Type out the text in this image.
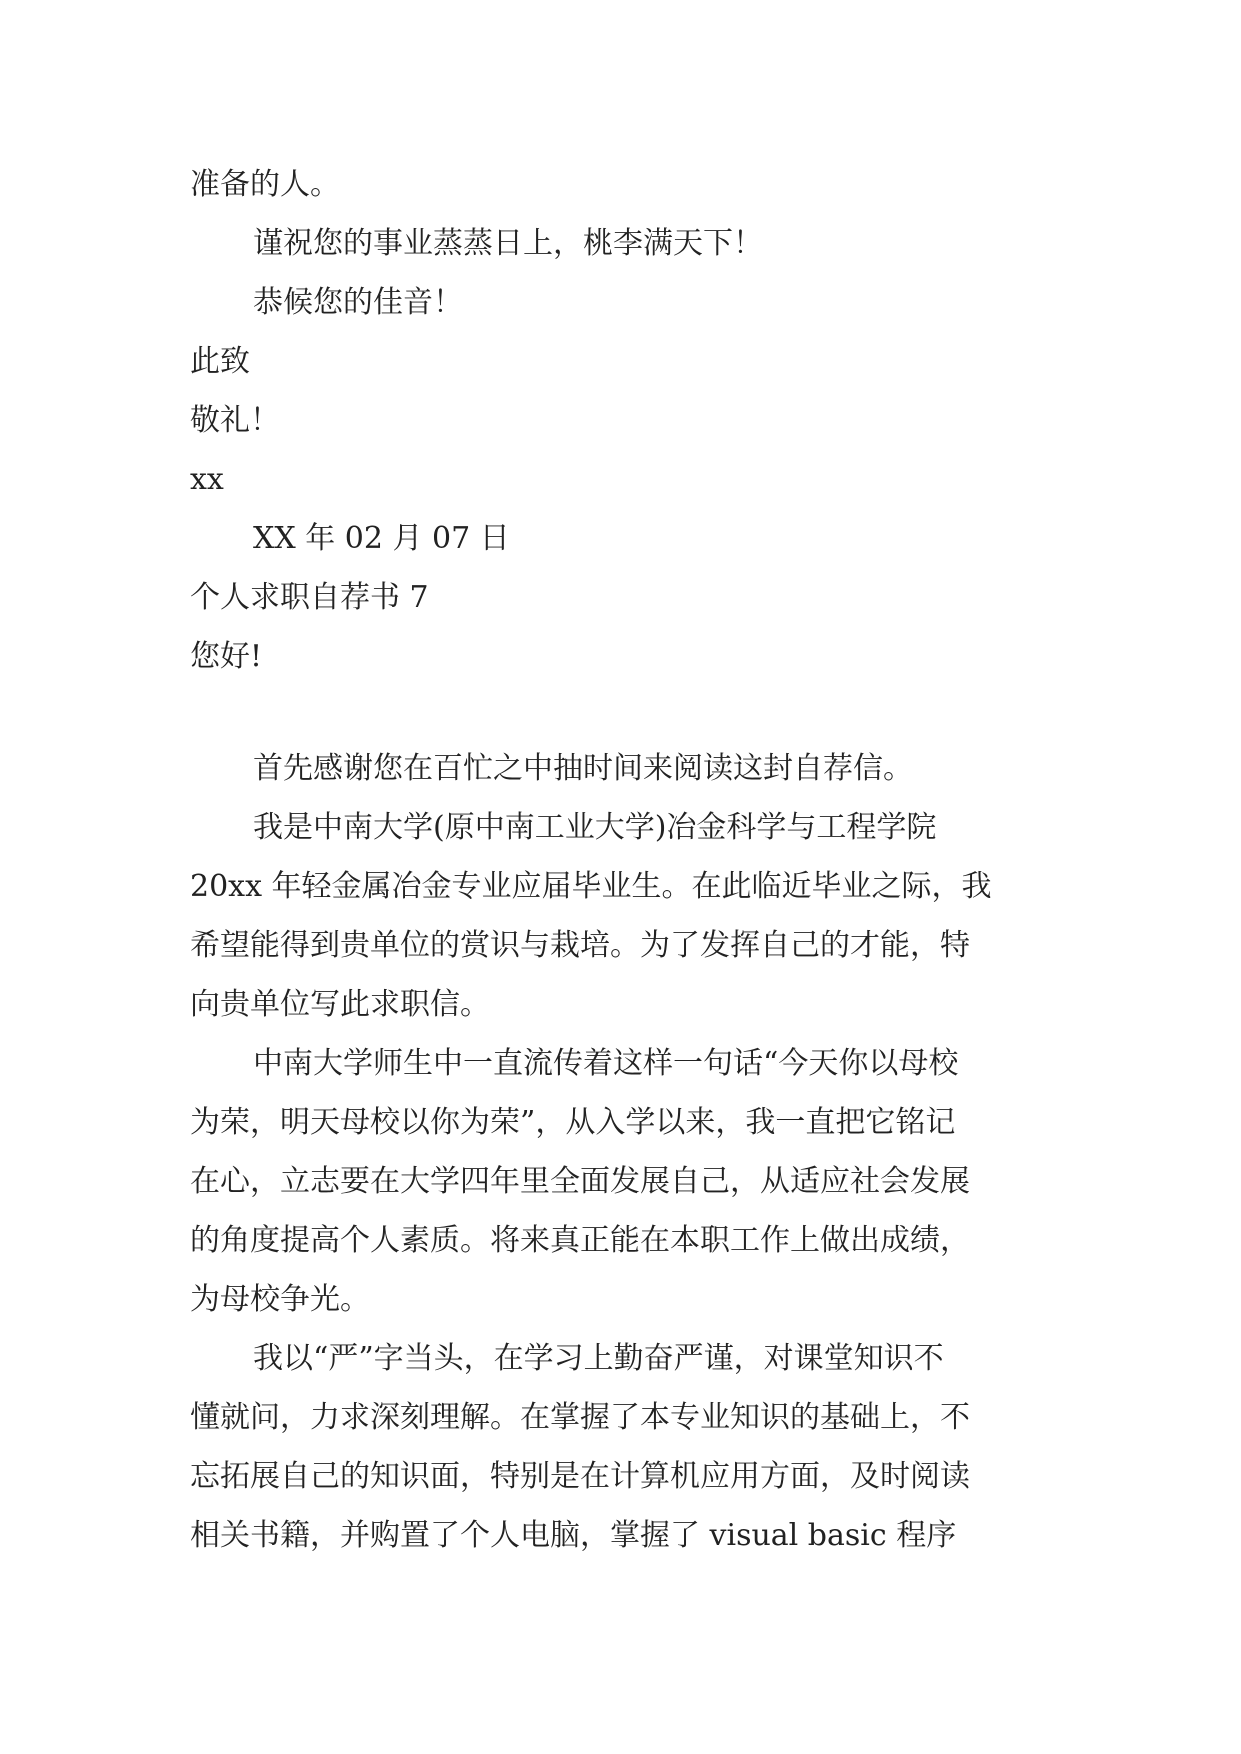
准备的人。
谨祝您的事业蒸蒸日上，桃李满天下！
恭候您的佳音！
此致
敬礼！
xx
XX 年 02 月 07 日
个人求职自荐书 7
您好!
首先感谢您在百忙之中抽时间来阅读这封自荐信。
我是中南大学(原中南工业大学)冶金科学与工程学院
20xx 年轻金属冶金专业应届毕业生。在此临近毕业之际，我
希望能得到贵单位的赏识与栽培。为了发挥自己的才能，特
向贵单位写此求职信。
中南大学师生中一直流传着这样一句话“今天你以母校
为荣，明天母校以你为荣”，从入学以来，我一直把它铭记
在心，立志要在大学四年里全面发展自己，从适应社会发展
的角度提高个人素质。将来真正能在本职工作上做出成绩，
为母校争光。
我以“严”字当头，在学习上勤奋严谨，对课堂知识不
懂就问，力求深刻理解。在掌握了本专业知识的基础上，不
忘拓展自己的知识面，特别是在计算机应用方面，及时阅读
相关书籍，并购置了个人电脑，掌握了 visual basic 程序
